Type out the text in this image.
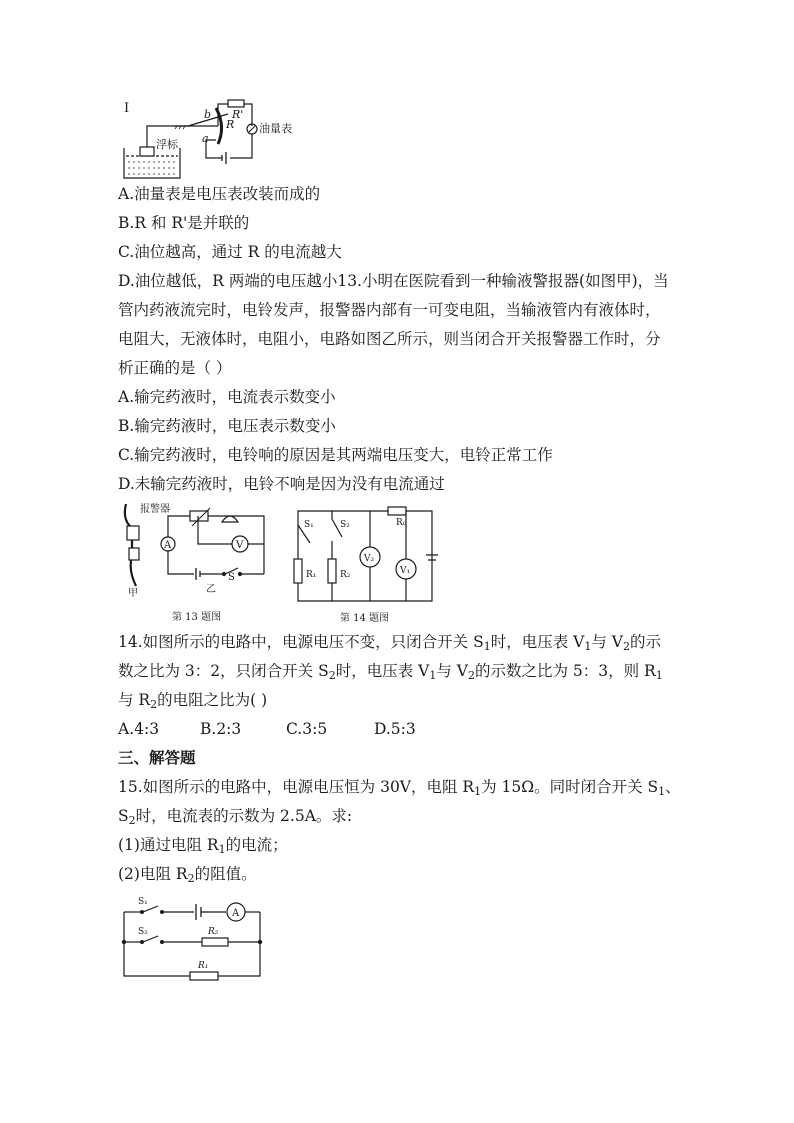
I	b
R
R'
a
油量表
浮标
A.油量表是电压表改装而成的
B.R 和 R'是并联的
C.油位越高，通过 R 的电流越大
D.油位越低，R 两端的电压越小13.小明在医院看到一种输液警报器(如图甲)，当
管内药液流完时，电铃发声，报警器内部有一可变电阻，当输液管内有液体时，
电阻大，无液体时，电阻小，电路如图乙所示，则当闭合开关报警器工作时，分
析正确的是（ ）
A.输完药液时，电流表示数变小
B.输完药液时，电压表示数变小
C.输完药液时，电铃响的原因是其两端电压变大，电铃正常工作
D.未输完药液时，电铃不响是因为没有电流通过
报警器
A	V
甲	乙
S
第 13 题图
S₁	S₂	R₀
R₁	R₂
V₂
V₁
第 14 题图
14.如图所示的电路中，电源电压不变，只闭合开关 $S_1$时，电压表 $V_1$与 $V_2$的示
数之比为 3：2，只闭合开关 $S_2$时，电压表 $V_1$与 $V_2$的示数之比为 5：3，则 $R_1$
与 $R_2$的电阻之比为( )
A.4:3	B.2:3	C.3:5	D.5:3
三、解答题
15.如图所示的电路中，电源电压恒为 30V，电阻 $R_1$为 15Ω。同时闭合开关 $S_1$、
$S_2$时，电流表的示数为 2.5A。求:
(1)通过电阻 $R_1$的电流；
(2)电阻 $R_2$的阻值。
S₁
S₂
A
R₂
R₁
